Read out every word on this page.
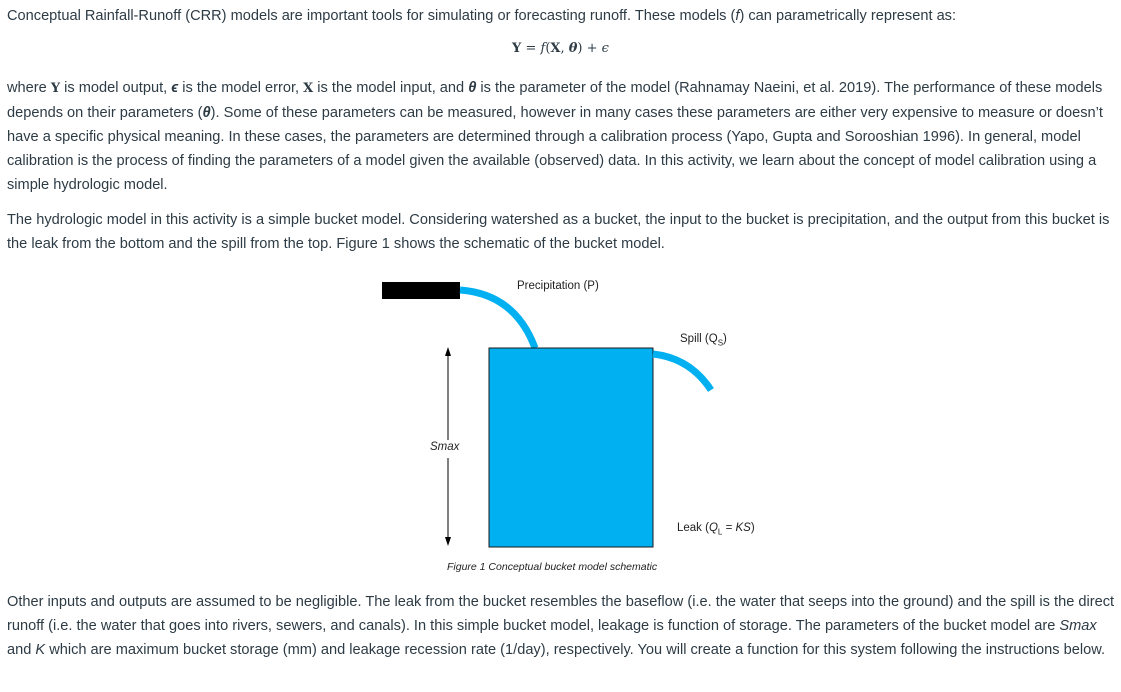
Conceptual Rainfall-Runoff (CRR) models are important tools for simulating or forecasting runoff. These models (f) can parametrically represent as:

Y = f(X, θ) + ϵ

where Y is model output, ϵ is the model error, X is the model input, and θ is the parameter of the model (Rahnamay Naeini, et al. 2019). The performance of these models depends on their parameters (θ). Some of these parameters can be measured, however in many cases these parameters are either very expensive to measure or doesn’t have a specific physical meaning. In these cases, the parameters are determined through a calibration process (Yapo, Gupta and Sorooshian 1996). In general, model calibration is the process of finding the parameters of a model given the available (observed) data. In this activity, we learn about the concept of model calibration using a simple hydrologic model.

The hydrologic model in this activity is a simple bucket model. Considering watershed as a bucket, the input to the bucket is precipitation, and the output from this bucket is the leak from the bottom and the spill from the top. Figure 1 shows the schematic of the bucket model.

Precipitation (P)
Spill $(Q_S)$
Smax
Leak $(Q_L = KS)$
Figure 1 Conceptual bucket model schematic

Other inputs and outputs are assumed to be negligible. The leak from the bucket resembles the baseflow (i.e. the water that seeps into the ground) and the spill is the direct runoff (i.e. the water that goes into rivers, sewers, and canals). In this simple bucket model, leakage is function of storage. The parameters of the bucket model are Smax and K which are maximum bucket storage (mm) and leakage recession rate (1/day), respectively. You will create a function for this system following the instructions below.
